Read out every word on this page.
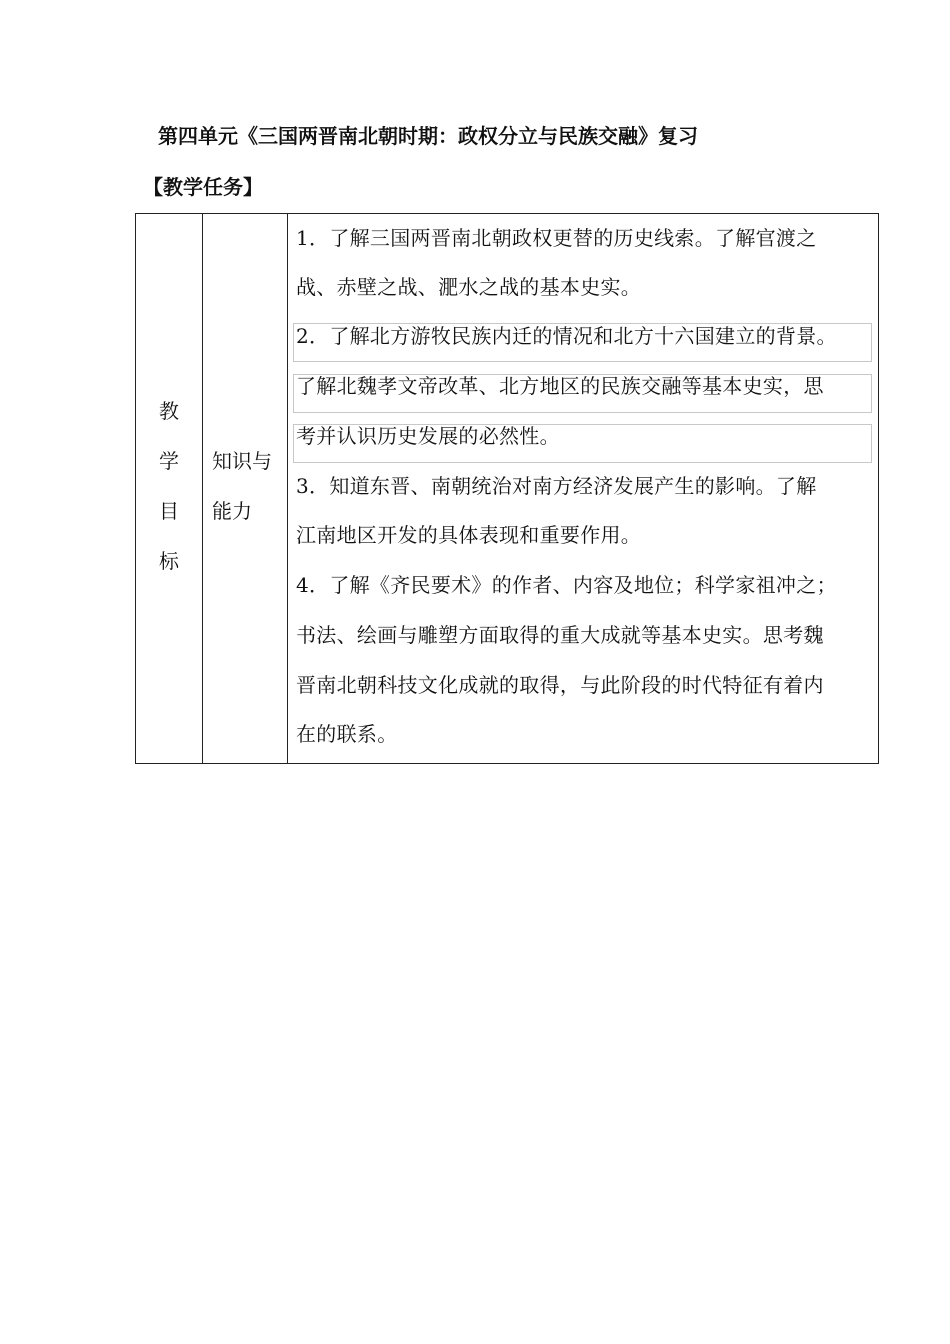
第四单元《三国两晋南北朝时期：政权分立与民族交融》复习
【教学任务】
教
学
目
标
知识与能力
1．了解三国两晋南北朝政权更替的历史线索。了解官渡之
战、赤壁之战、淝水之战的基本史实。
2．了解北方游牧民族内迁的情况和北方十六国建立的背景。
了解北魏孝文帝改革、北方地区的民族交融等基本史实，思
考并认识历史发展的必然性。
3．知道东晋、南朝统治对南方经济发展产生的影响。了解
江南地区开发的具体表现和重要作用。
4．了解《齐民要术》的作者、内容及地位；科学家祖冲之；
书法、绘画与雕塑方面取得的重大成就等基本史实。思考魏
晋南北朝科技文化成就的取得，与此阶段的时代特征有着内
在的联系。
